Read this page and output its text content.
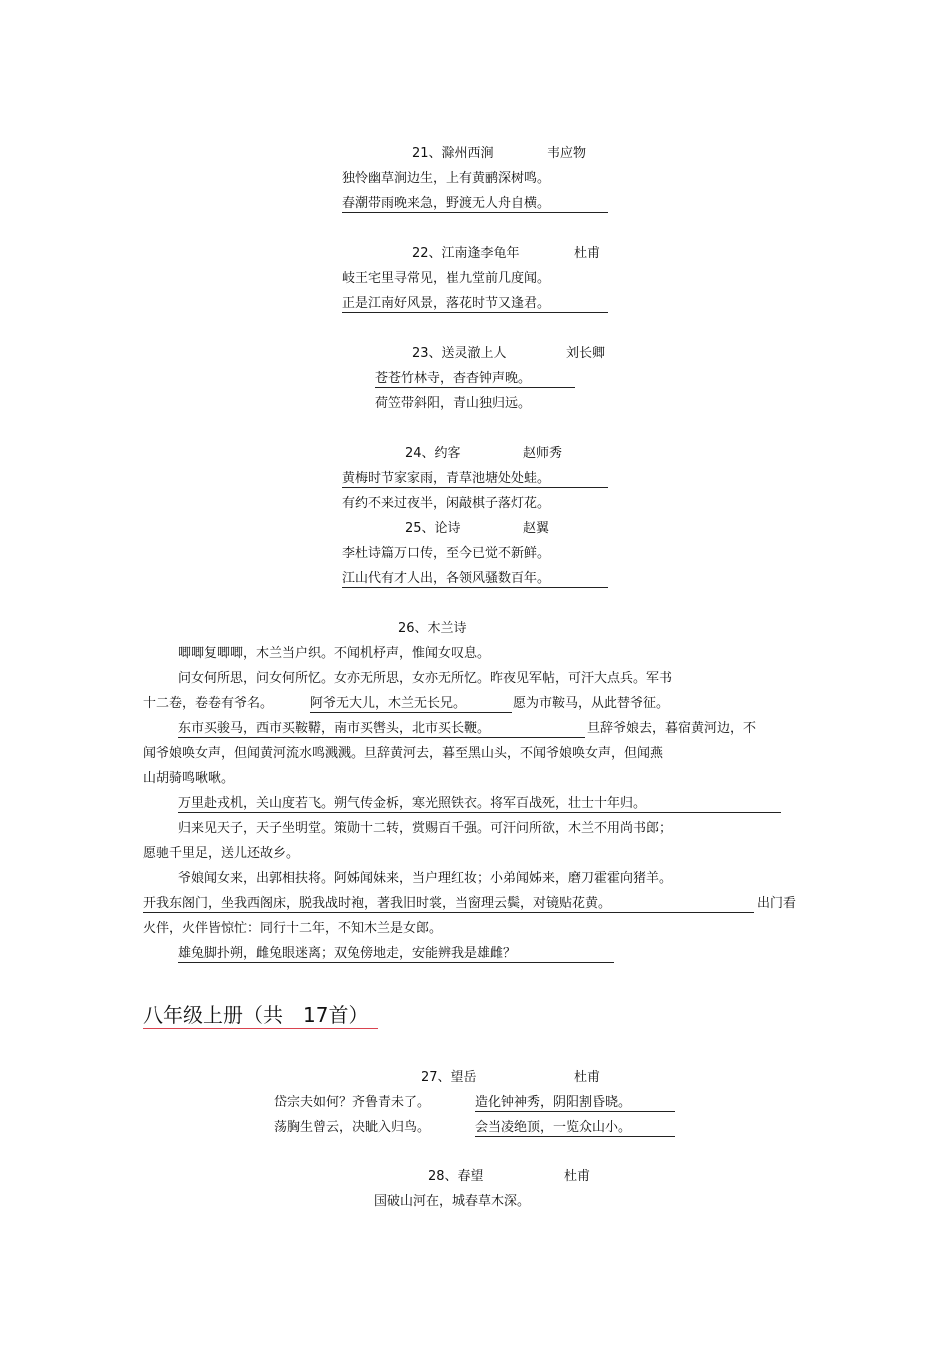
21、滁州西涧	韦应物
独怜幽草涧边生，上有黄鹂深树鸣。
春潮带雨晚来急，野渡无人舟自横。
22、江南逢李龟年	杜甫
岐王宅里寻常见，崔九堂前几度闻。
正是江南好风景，落花时节又逢君。
23、送灵澈上人	刘长卿
苍苍竹林寺，杳杳钟声晚。
荷笠带斜阳，青山独归远。
24、约客	赵师秀
黄梅时节家家雨，青草池塘处处蛙。
有约不来过夜半，闲敲棋子落灯花。
25、论诗	赵翼
李杜诗篇万口传，至今已觉不新鲜。
江山代有才人出，各领风骚数百年。
26、木兰诗
唧唧复唧唧，木兰当户织。不闻机杼声，惟闻女叹息。
问女何所思，问女何所忆。女亦无所思，女亦无所忆。昨夜见军帖，可汗大点兵。军书
十二卷，卷卷有爷名。	阿爷无大儿，木兰无长兄。	愿为市鞍马，从此替爷征。
东市买骏马，西市买鞍鞯，南市买辔头，北市买长鞭。	旦辞爷娘去，暮宿黄河边，不
闻爷娘唤女声，但闻黄河流水鸣溅溅。旦辞黄河去，暮至黑山头，不闻爷娘唤女声，但闻燕
山胡骑鸣啾啾。
万里赴戎机，关山度若飞。朔气传金柝，寒光照铁衣。将军百战死，壮士十年归。
归来见天子，天子坐明堂。策勋十二转，赏赐百千强。可汗问所欲，木兰不用尚书郎；
愿驰千里足，送儿还故乡。
爷娘闻女来，出郭相扶将。阿姊闻妹来，当户理红妆；小弟闻姊来，磨刀霍霍向猪羊。
开我东阁门，坐我西阁床，脱我战时袍，著我旧时裳，当窗理云鬓，对镜贴花黄。	出门看
火伴，火伴皆惊忙：同行十二年，不知木兰是女郎。
雄兔脚扑朔，雌兔眼迷离；双兔傍地走，安能辨我是雄雌？
八年级上册（共　17首）
27、望岳	杜甫
岱宗夫如何？齐鲁青未了。	造化钟神秀，阴阳割昏晓。
荡胸生曾云，决眦入归鸟。	会当凌绝顶，一览众山小。
28、春望	杜甫
国破山河在，城春草木深。
